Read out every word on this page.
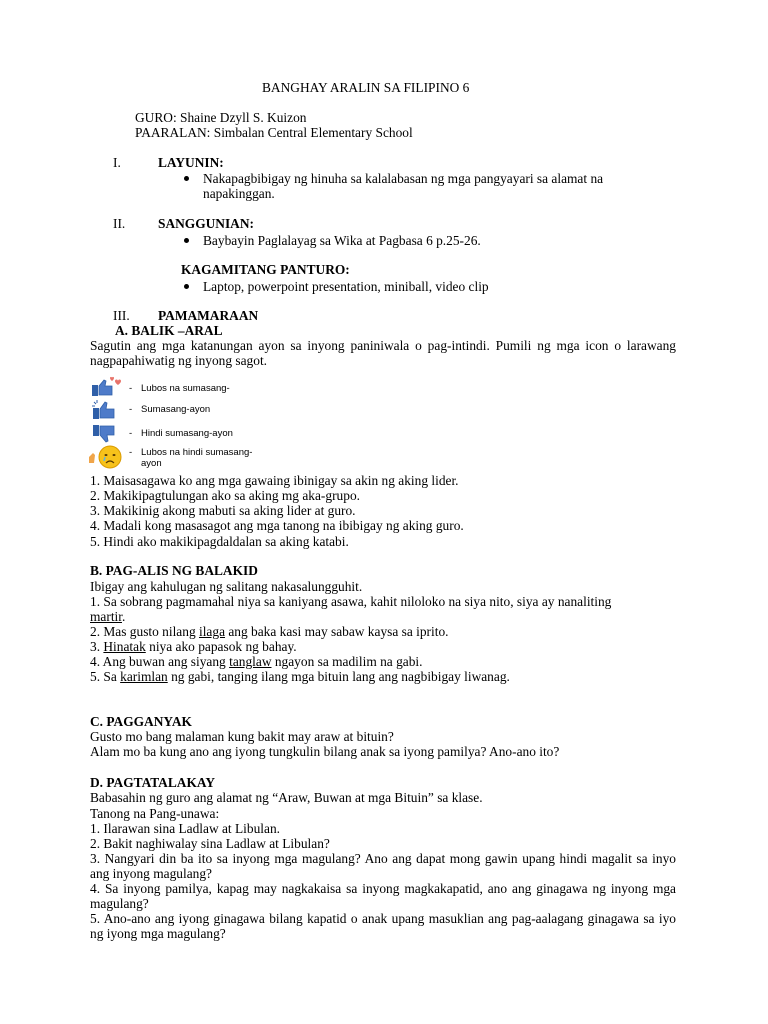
BANGHAY ARALIN SA FILIPINO 6
GURO: Shaine Dzyll S. Kuizon
PAARALAN: Simbalan Central Elementary School
I.	LAYUNIN:
Nakapagbibigay ng hinuha sa kalalabasan ng mga pangyayari sa alamat na
napakinggan.
II. SANGGUNIAN:
Baybayin Paglalayag sa Wika at Pagbasa 6 p.25-26.
KAGAMITANG PANTURO:
Laptop, powerpoint presentation, miniball, video clip
III. PAMAMARAAN
A. BALIK –ARAL
Sagutin ang mga katanungan ayon sa inyong paniniwala o pag-intindi. Pumili ng mga icon o larawang nagpapahiwatig ng inyong sagot.
- Lubos na sumasang-
- Sumasang-ayon
- Hindi sumasang-ayon
- Lubos na hindi sumasang-
ayon
1. Maisasagawa ko ang mga gawaing ibinigay sa akin ng aking lider.
2. Makikipagtulungan ako sa aking mg aka-grupo.
3. Makikinig akong mabuti sa aking lider at guro.
4. Madali kong masasagot ang mga tanong na ibibigay ng aking guro.
5. Hindi ako makikipagdaldalan sa aking katabi.
B. PAG-ALIS NG BALAKID
Ibigay ang kahulugan ng salitang nakasalungguhit.
1. Sa sobrang pagmamahal niya sa kaniyang asawa, kahit niloloko na siya nito, siya ay nanaliting
martir.
2. Mas gusto nilang ilaga ang baka kasi may sabaw kaysa sa iprito.
3. Hinatak niya ako papasok ng bahay.
4. Ang buwan ang siyang tanglaw ngayon sa madilim na gabi.
5. Sa karimlan ng gabi, tanging ilang mga bituin lang ang nagbibigay liwanag.
C. PAGGANYAK
Gusto mo bang malaman kung bakit may araw at bituin?
Alam mo ba kung ano ang iyong tungkulin bilang anak sa iyong pamilya? Ano-ano ito?
D. PAGTATALAKAY
Babasahin ng guro ang alamat ng “Araw, Buwan at mga Bituin” sa klase.
Tanong na Pang-unawa:
1. Ilarawan sina Ladlaw at Libulan.
2. Bakit naghiwalay sina Ladlaw at Libulan?
3. Nangyari din ba ito sa inyong mga magulang? Ano ang dapat mong gawin upang hindi magalit sa inyo ang inyong magulang?
4. Sa inyong pamilya, kapag may nagkakaisa sa inyong magkakapatid, ano ang ginagawa ng inyong mga magulang?
5. Ano-ano ang iyong ginagawa bilang kapatid o anak upang masuklian ang pag-aalagang ginagawa sa iyo ng iyong mga magulang?
